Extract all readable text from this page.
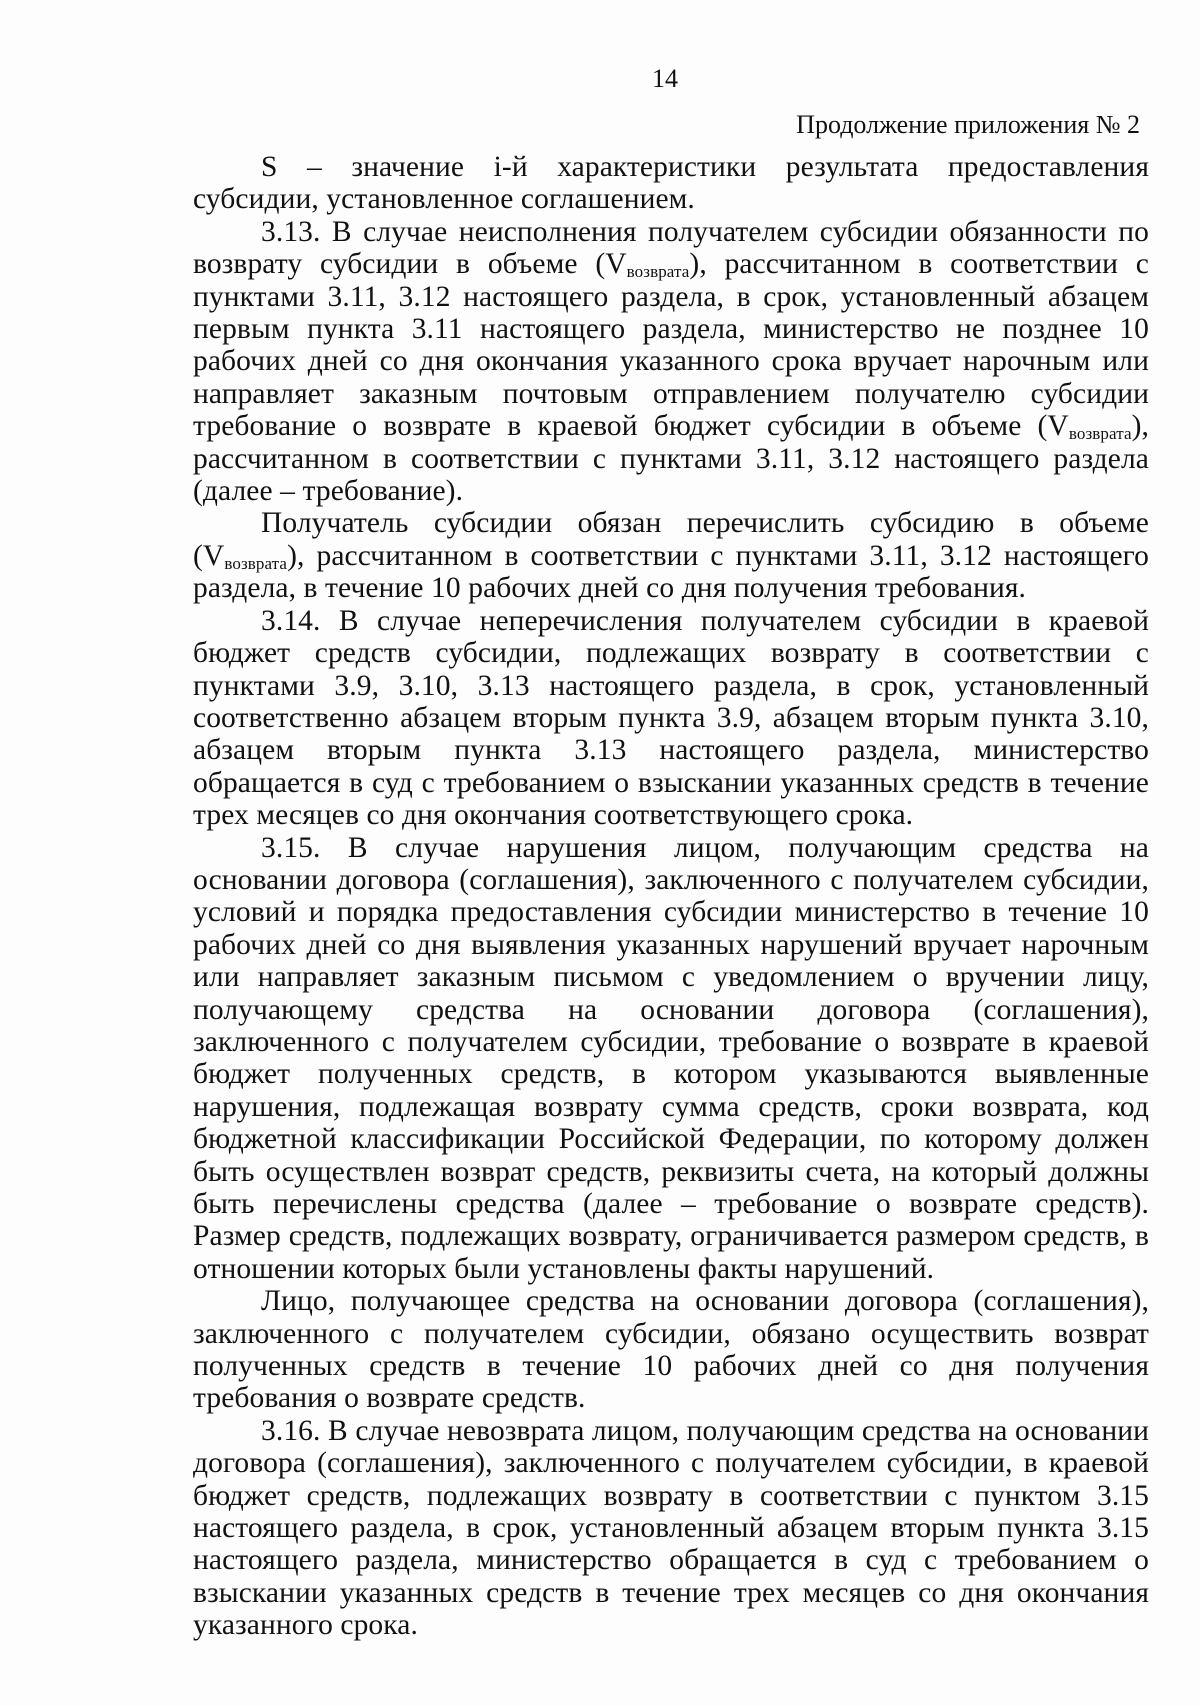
14
Продолжение приложения № 2

S – значение i-й характеристики результата предоставления субсидии, установленное соглашением.

3.13. В случае неисполнения получателем субсидии обязанности по возврату субсидии в объеме $(V_{возврата})$, рассчитанном в соответствии с пунктами 3.11, 3.12 настоящего раздела, в срок, установленный абзацем первым пункта 3.11 настоящего раздела, министерство не позднее 10 рабочих дней со дня окончания указанного срока вручает нарочным или направляет заказным почтовым отправлением получателю субсидии требование о возврате в краевой бюджет субсидии в объеме $(V_{возврата})$, рассчитанном в соответствии с пунктами 3.11, 3.12 настоящего раздела (далее – требование).

Получатель субсидии обязан перечислить субсидию в объеме $(V_{возврата})$, рассчитанном в соответствии с пунктами 3.11, 3.12 настоящего раздела, в течение 10 рабочих дней со дня получения требования.

3.14. В случае неперечисления получателем субсидии в краевой бюджет средств субсидии, подлежащих возврату в соответствии с пунктами 3.9, 3.10, 3.13 настоящего раздела, в срок, установленный соответственно абзацем вторым пункта 3.9, абзацем вторым пункта 3.10, абзацем вторым пункта 3.13 настоящего раздела, министерство обращается в суд с требованием о взыскании указанных средств в течение трех месяцев со дня окончания соответствующего срока.

3.15. В случае нарушения лицом, получающим средства на основании договора (соглашения), заключенного с получателем субсидии, условий и порядка предоставления субсидии министерство в течение 10 рабочих дней со дня выявления указанных нарушений вручает нарочным или направляет заказным письмом с уведомлением о вручении лицу, получающему средства на основании договора (соглашения), заключенного с получателем субсидии, требование о возврате в краевой бюджет полученных средств, в котором указываются выявленные нарушения, подлежащая возврату сумма средств, сроки возврата, код бюджетной классификации Российской Федерации, по которому должен быть осуществлен возврат средств, реквизиты счета, на который должны быть перечислены средства (далее – требование о возврате средств). Размер средств, подлежащих возврату, ограничивается размером средств, в отношении которых были установлены факты нарушений.

Лицо, получающее средства на основании договора (соглашения), заключенного с получателем субсидии, обязано осуществить возврат полученных средств в течение 10 рабочих дней со дня получения требования о возврате средств.

3.16. В случае невозврата лицом, получающим средства на основании договора (соглашения), заключенного с получателем субсидии, в краевой бюджет средств, подлежащих возврату в соответствии с пунктом 3.15 настоящего раздела, в срок, установленный абзацем вторым пункта 3.15 настоящего раздела, министерство обращается в суд с требованием о взыскании указанных средств в течение трех месяцев со дня окончания указанного срока.
